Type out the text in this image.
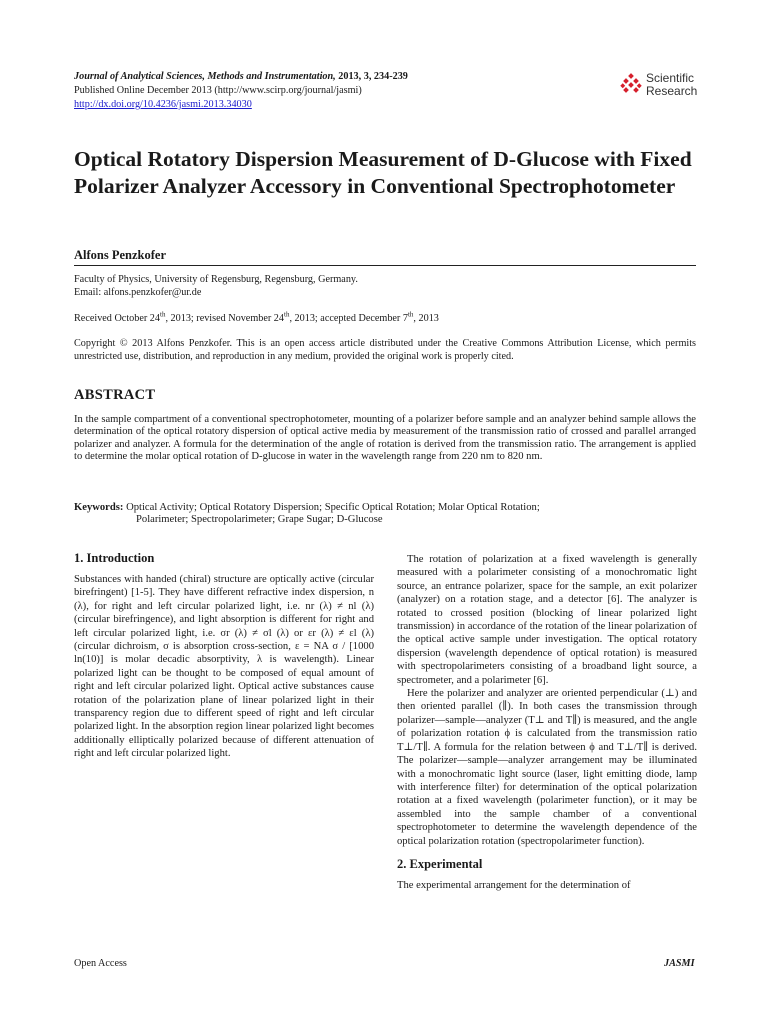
Journal of Analytical Sciences, Methods and Instrumentation, 2013, 3, 234-239
Published Online December 2013 (http://www.scirp.org/journal/jasmi)
http://dx.doi.org/10.4236/jasmi.2013.34030
Scientific
Research
Optical Rotatory Dispersion Measurement of D-Glucose with Fixed Polarizer Analyzer Accessory in Conventional Spectrophotometer
Alfons Penzkofer
Faculty of Physics, University of Regensburg, Regensburg, Germany.
Email: alfons.penzkofer@ur.de
Received October 24th, 2013; revised November 24th, 2013; accepted December 7th, 2013
Copyright © 2013 Alfons Penzkofer. This is an open access article distributed under the Creative Commons Attribution License, which permits unrestricted use, distribution, and reproduction in any medium, provided the original work is properly cited.
ABSTRACT

In the sample compartment of a conventional spectrophotometer, mounting of a polarizer before sample and an analyzer behind sample allows the determination of the optical rotatory dispersion of optical active media by measurement of the transmission ratio of crossed and parallel arranged polarizer and analyzer. A formula for the determination of the angle of rotation is derived from the transmission ratio. The arrangement is applied to determine the molar optical rotation of D-glucose in water in the wavelength range from 220 nm to 820 nm.

Keywords: Optical Activity; Optical Rotatory Dispersion; Specific Optical Rotation; Molar Optical Rotation;
Polarimeter; Spectropolarimeter; Grape Sugar; D-Glucose
1. Introduction

Substances with handed (chiral) structure are optically active (circular birefringent) [1-5]. They have different refractive index dispersion, n (λ), for right and left circular polarized light, i.e. nr (λ) ≠ nl (λ) (circular birefringence), and light absorption is different for right and left circular polarized light, i.e. σr (λ) ≠ σl (λ) or εr (λ) ≠ εl (λ) (circular dichroism, σ is absorption cross-section, ε = NA σ / [1000 ln(10)] is molar decadic absorptivity, λ is wavelength). Linear polarized light can be thought to be composed of equal amount of right and left circular polarized light. Optical active substances cause rotation of the polarization plane of linear polarized light in their transparency region due to different speed of right and left circular polarized light. In the absorption region linear polarized light becomes additionally elliptically polarized because of different attenuation of right and left circular polarized light.

The rotation of polarization at a fixed wavelength is generally measured with a polarimeter consisting of a monochromatic light source, an entrance polarizer, space for the sample, an exit polarizer (analyzer) on a rotation stage, and a detector [6]. The analyzer is rotated to crossed position (blocking of linear polarized light transmission) in accordance of the rotation of the linear polarization of the optical active sample under investigation. The optical rotatory dispersion (wavelength dependence of optical rotation) is measured with spectropolarimeters consisting of a broadband light source, a spectrometer, and a polarimeter [6].

Here the polarizer and analyzer are oriented perpendicular (⊥) and then oriented parallel (∥). In both cases the transmission through polarizer—sample—analyzer (T⊥ and T∥) is measured, and the angle of polarization rotation ϕ is calculated from the transmission ratio T⊥/T∥. A formula for the relation between ϕ and T⊥/T∥ is derived. The polarizer—sample—analyzer arrangement may be illuminated with a monochromatic light source (laser, light emitting diode, lamp with interference filter) for determination of the optical polarization rotation at a fixed wavelength (polarimeter function), or it may be assembled into the sample chamber of a conventional spectrophotometer to determine the wavelength dependence of the optical polarization rotation (spectropolarimeter function).

2. Experimental

The experimental arrangement for the determination of

Open Access	JASMI
